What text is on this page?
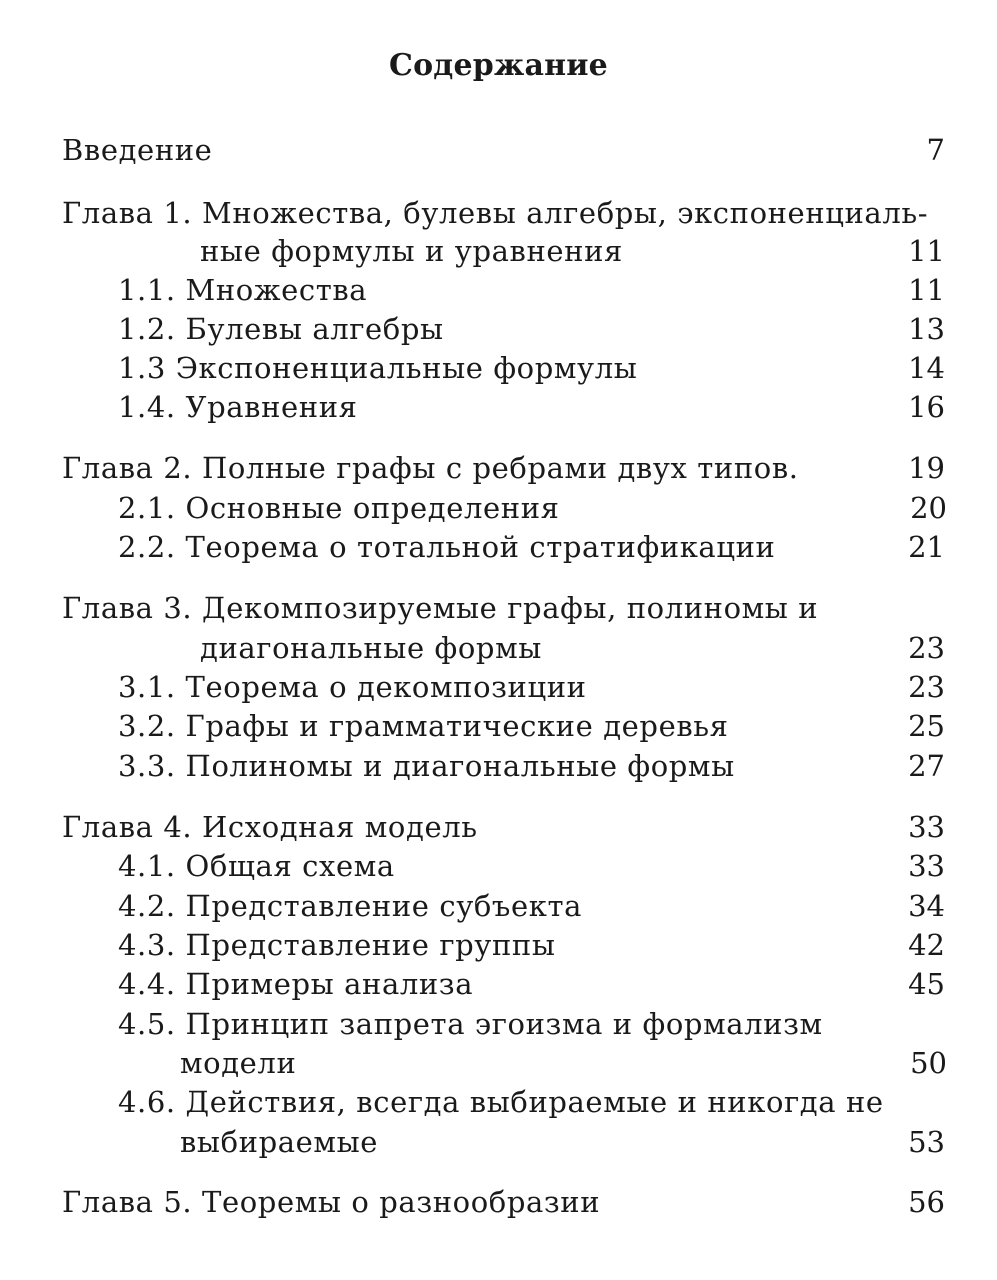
Содержание
Введение	7
Глава 1. Множества, булевы алгебры, экспоненциаль-
ные формулы и уравнения	11
1.1. Множества	11
1.2. Булевы алгебры	13
1.3 Экспоненциальные формулы	14
1.4. Уравнения	16
Глава 2. Полные графы с ребрами двух типов.	19
2.1. Основные определения	20
2.2. Теорема о тотальной стратификации	21
Глава 3. Декомпозируемые графы, полиномы и
диагональные формы	23
3.1. Теорема о декомпозиции	23
3.2. Графы и грамматические деревья	25
3.3. Полиномы и диагональные формы	27
Глава 4. Исходная модель	33
4.1. Общая схема	33
4.2. Представление субъекта	34
4.3. Представление группы	42
4.4. Примеры анализа	45
4.5. Принцип запрета эгоизма и формализм
модели	50
4.6. Действия, всегда выбираемые и никогда не
выбираемые	53
Глава 5. Теоремы о разнообразии	56
